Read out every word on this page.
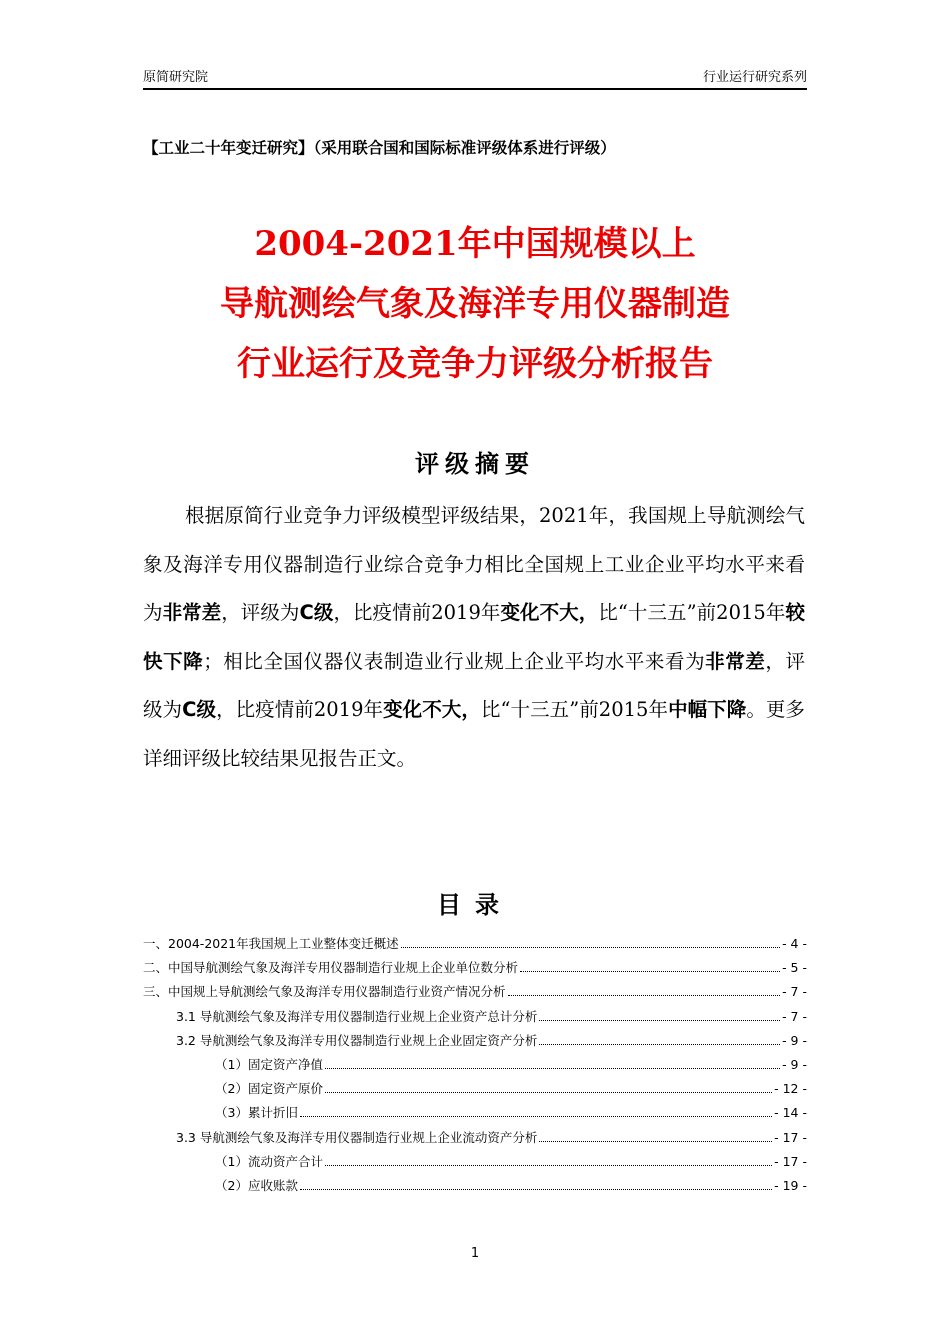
原简研究院	行业运行研究系列
【工业二十年变迁研究】（采用联合国和国际标准评级体系进行评级）
2004-2021年中国规模以上
导航测绘气象及海洋专用仪器制造
行业运行及竞争力评级分析报告
评级摘要
根据原简行业竞争力评级模型评级结果，2021年，我国规上导航测绘气象及海洋专用仪器制造行业综合竞争力相比全国规上工业企业平均水平来看为非常差，评级为C级，比疫情前2019年变化不大，比“十三五”前2015年较快下降；相比全国仪器仪表制造业行业规上企业平均水平来看为非常差，评级为C级，比疫情前2019年变化不大，比“十三五”前2015年中幅下降。更多详细评级比较结果见报告正文。
目录
一、2004-2021年我国规上工业整体变迁概述	- 4 -
二、中国导航测绘气象及海洋专用仪器制造行业规上企业单位数分析	- 5 -
三、中国规上导航测绘气象及海洋专用仪器制造行业资产情况分析	- 7 -
3.1 导航测绘气象及海洋专用仪器制造行业规上企业资产总计分析	- 7 -
3.2 导航测绘气象及海洋专用仪器制造行业规上企业固定资产分析	- 9 -
（1）固定资产净值	- 9 -
（2）固定资产原价	- 12 -
（3）累计折旧	- 14 -
3.3 导航测绘气象及海洋专用仪器制造行业规上企业流动资产分析	- 17 -
（1）流动资产合计	- 17 -
（2）应收账款	- 19 -
1
